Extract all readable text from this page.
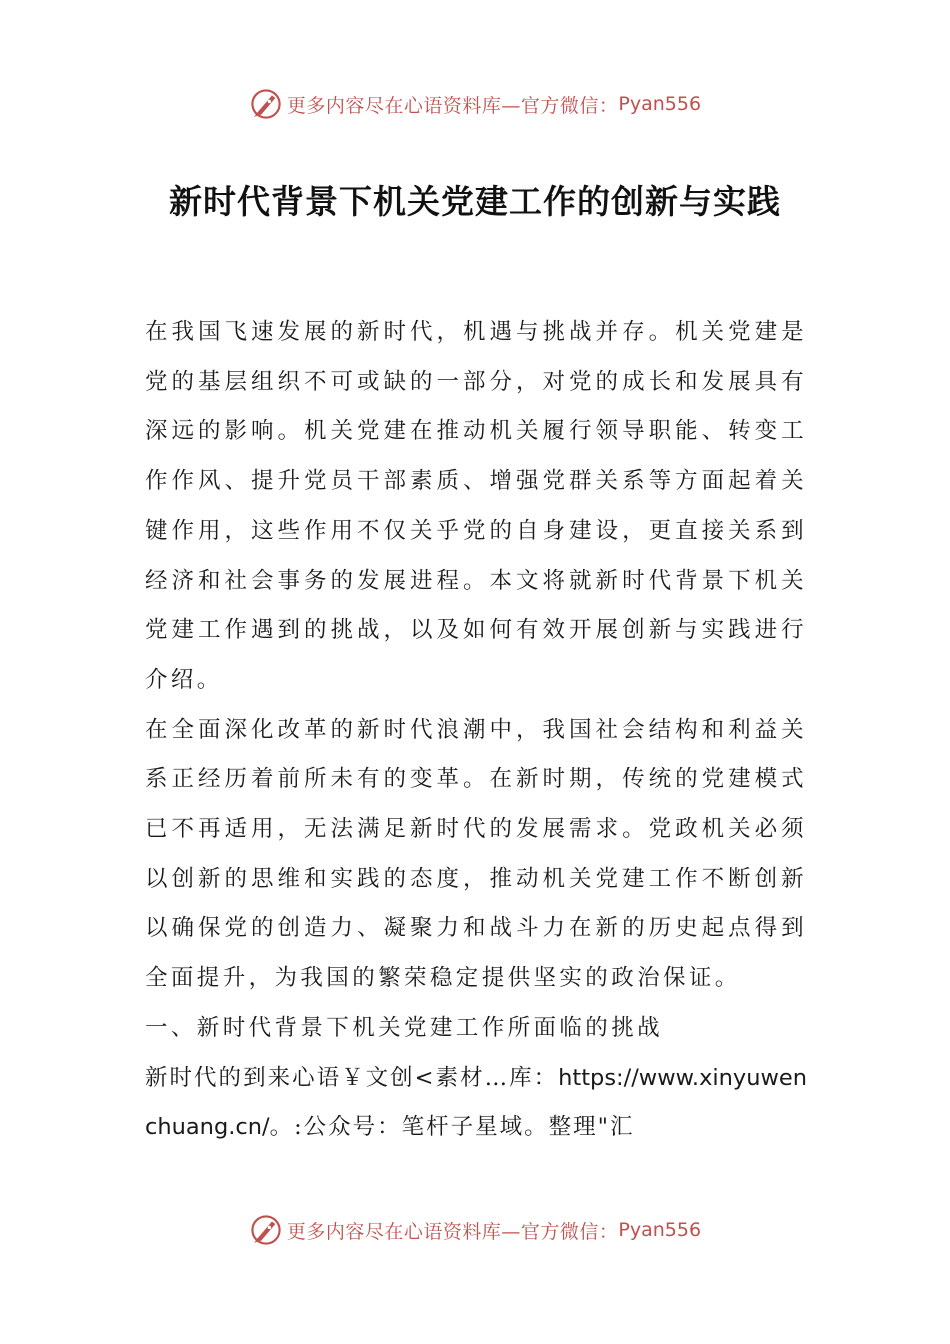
更多内容尽在心语资料库—官方微信： Pyan556
新时代背景下机关党建工作的创新与实践

在我国飞速发展的新时代，机遇与挑战并存。机关党建是党的基层组织不可或缺的一部分，对党的成长和发展具有深远的影响。机关党建在推动机关履行领导职能、转变工作作风、提升党员干部素质、增强党群关系等方面起着关键作用，这些作用不仅关乎党的自身建设，更直接关系到经济和社会事务的发展进程。本文将就新时代背景下机关党建工作遇到的挑战，以及如何有效开展创新与实践进行介绍。

在全面深化改革的新时代浪潮中，我国社会结构和利益关系正经历着前所未有的变革。在新时期，传统的党建模式已不再适用，无法满足新时代的发展需求。党政机关必须以创新的思维和实践的态度，推动机关党建工作不断创新以确保党的创造力、凝聚力和战斗力在新的历史起点得到全面提升，为我国的繁荣稳定提供坚实的政治保证。

一、新时代背景下机关党建工作所面临的挑战

新时代的到来心语￥文创<素材…库：https://www.xinyuwenchuang.cn/。:公众号：笔杆子星域。整理"汇

更多内容尽在心语资料库—官方微信： Pyan556
